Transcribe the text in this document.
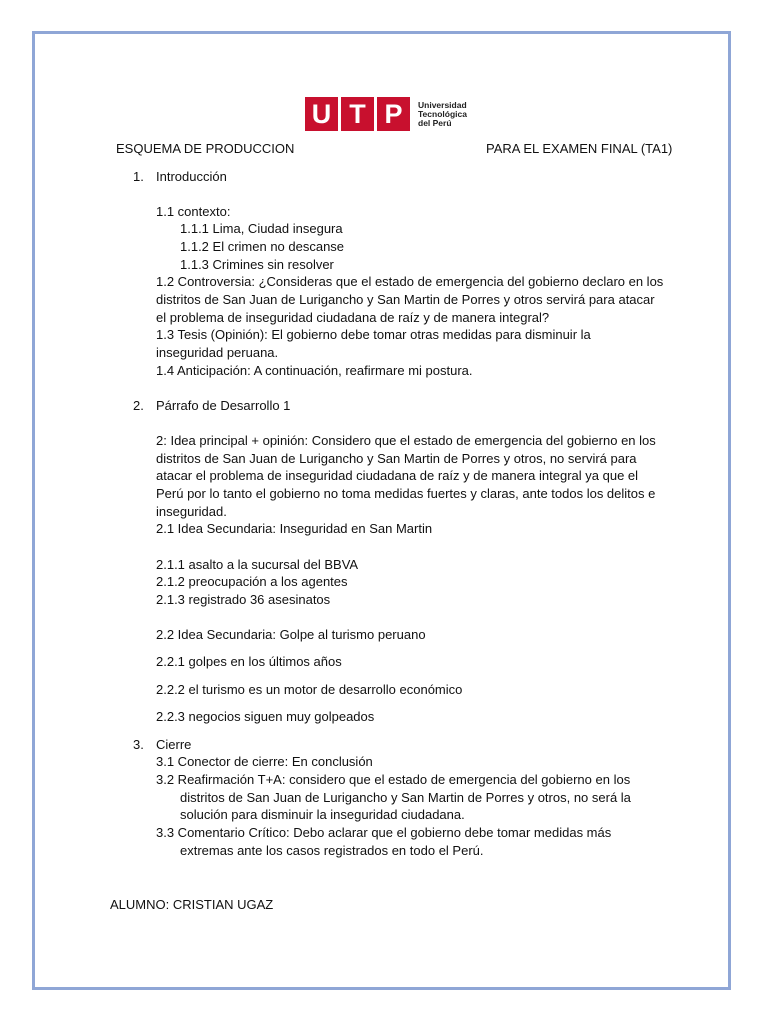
U T P	Universidad
Tecnológica
del Perú
ESQUEMA DE PRODUCCION	PARA EL EXAMEN FINAL (TA1)
1. Introducción
1.1 contexto:
1.1.1 Lima, Ciudad insegura
1.1.2 El crimen no descanse
1.1.3 Crimines sin resolver
1.2 Controversia: ¿Consideras que el estado de emergencia del gobierno declaro en los
distritos de San Juan de Lurigancho y San Martin de Porres y otros servirá para atacar
el problema de inseguridad ciudadana de raíz y de manera integral?
1.3 Tesis (Opinión): El gobierno debe tomar otras medidas para disminuir la
inseguridad peruana.
1.4 Anticipación: A continuación, reafirmare mi postura.
2. Párrafo de Desarrollo 1
2: Idea principal + opinión: Considero que el estado de emergencia del gobierno en los
distritos de San Juan de Lurigancho y San Martin de Porres y otros, no servirá para
atacar el problema de inseguridad ciudadana de raíz y de manera integral ya que el
Perú por lo tanto el gobierno no toma medidas fuertes y claras, ante todos los delitos e
inseguridad.
2.1 Idea Secundaria: Inseguridad en San Martin
2.1.1 asalto a la sucursal del BBVA
2.1.2 preocupación a los agentes
2.1.3 registrado 36 asesinatos
2.2 Idea Secundaria: Golpe al turismo peruano
2.2.1 golpes en los últimos años
2.2.2 el turismo es un motor de desarrollo económico
2.2.3 negocios siguen muy golpeados
3. Cierre
3.1 Conector de cierre: En conclusión
3.2 Reafirmación T+A: considero que el estado de emergencia del gobierno en los
distritos de San Juan de Lurigancho y San Martin de Porres y otros, no será la
solución para disminuir la inseguridad ciudadana.
3.3 Comentario Crítico: Debo aclarar que el gobierno debe tomar medidas más
extremas ante los casos registrados en todo el Perú.
ALUMNO: CRISTIAN UGAZ
